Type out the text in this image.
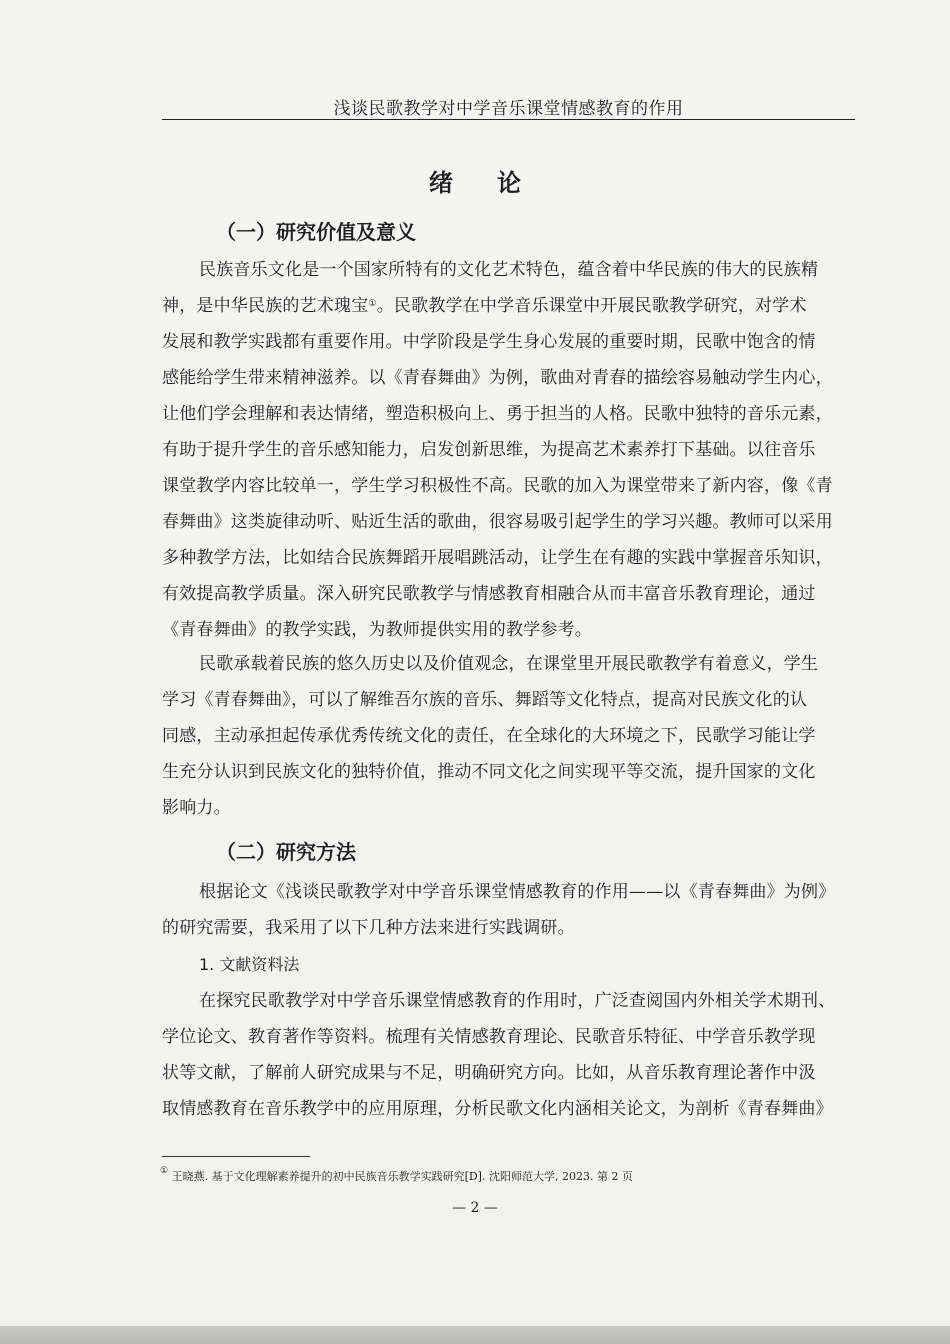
浅谈民歌教学对中学音乐课堂情感教育的作用
绪论
（一）研究价值及意义
民族音乐文化是一个国家所特有的文化艺术特色，蕴含着中华民族的伟大的民族精
神，是中华民族的艺术瑰宝①。民歌教学在中学音乐课堂中开展民歌教学研究，对学术
发展和教学实践都有重要作用。中学阶段是学生身心发展的重要时期，民歌中饱含的情
感能给学生带来精神滋养。以《青春舞曲》为例，歌曲对青春的描绘容易触动学生内心，
让他们学会理解和表达情绪，塑造积极向上、勇于担当的人格。民歌中独特的音乐元素，
有助于提升学生的音乐感知能力，启发创新思维，为提高艺术素养打下基础。以往音乐
课堂教学内容比较单一，学生学习积极性不高。民歌的加入为课堂带来了新内容，像《青
春舞曲》这类旋律动听、贴近生活的歌曲，很容易吸引起学生的学习兴趣。教师可以采用
多种教学方法，比如结合民族舞蹈开展唱跳活动，让学生在有趣的实践中掌握音乐知识，
有效提高教学质量。深入研究民歌教学与情感教育相融合从而丰富音乐教育理论，通过
《青春舞曲》的教学实践，为教师提供实用的教学参考。
民歌承载着民族的悠久历史以及价值观念，在课堂里开展民歌教学有着意义，学生
学习《青春舞曲》，可以了解维吾尔族的音乐、舞蹈等文化特点，提高对民族文化的认
同感，主动承担起传承优秀传统文化的责任，在全球化的大环境之下，民歌学习能让学
生充分认识到民族文化的独特价值，推动不同文化之间实现平等交流，提升国家的文化
影响力。
（二）研究方法
根据论文《浅谈民歌教学对中学音乐课堂情感教育的作用——以《青春舞曲》为例》
的研究需要，我采用了以下几种方法来进行实践调研。
1. 文献资料法
在探究民歌教学对中学音乐课堂情感教育的作用时，广泛查阅国内外相关学术期刊、
学位论文、教育著作等资料。梳理有关情感教育理论、民歌音乐特征、中学音乐教学现
状等文献，了解前人研究成果与不足，明确研究方向。比如，从音乐教育理论著作中汲
取情感教育在音乐教学中的应用原理，分析民歌文化内涵相关论文，为剖析《青春舞曲》
① 王晓燕. 基于文化理解素养提升的初中民族音乐教学实践研究[D]. 沈阳师范大学, 2023. 第 2 页
— 2 —
